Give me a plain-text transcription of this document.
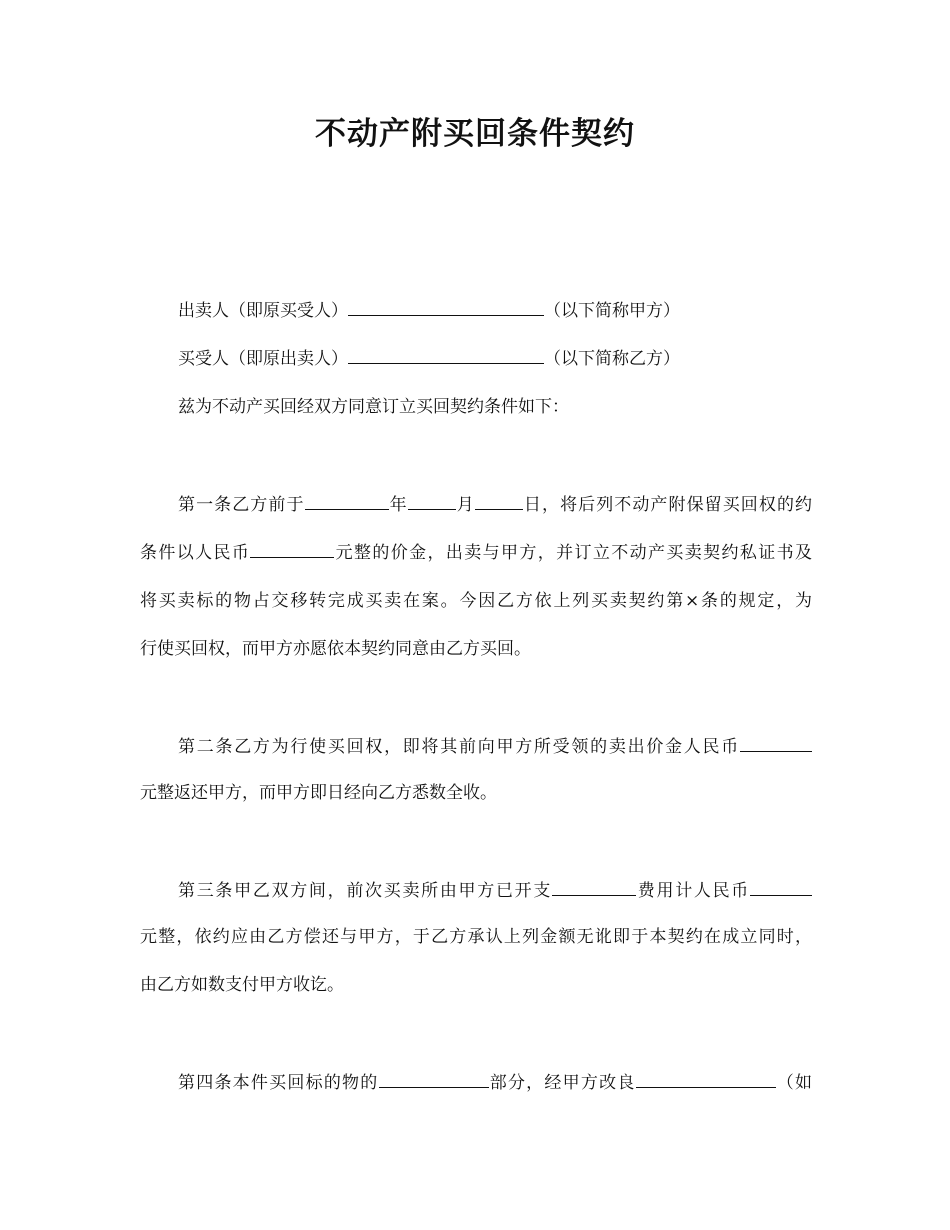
不动产附买回条件契约
出卖人（即原买受人）	（以下简称甲方）
买受人（即原出卖人）	（以下简称乙方）
兹为不动产买回经双方同意订立买回契约条件如下：
第一条乙方前于	年	月	日，将后列不动产附保留买回权的约
条件以人民币	元整的价金，出卖与甲方，并订立不动产买卖契约私证书及
将买卖标的物占交移转完成买卖在案。今因乙方依上列买卖契约第×条的规定，为
行使买回权，而甲方亦愿依本契约同意由乙方买回。
第二条乙方为行使买回权，即将其前向甲方所受领的卖出价金人民币
元整返还甲方，而甲方即日经向乙方悉数全收。
第三条甲乙双方间，前次买卖所由甲方已开支	费用计人民币
元整，依约应由乙方偿还与甲方，于乙方承认上列金额无讹即于本契约在成立同时，
由乙方如数支付甲方收讫。
第四条本件买回标的物的	部分，经甲方改良	（如
